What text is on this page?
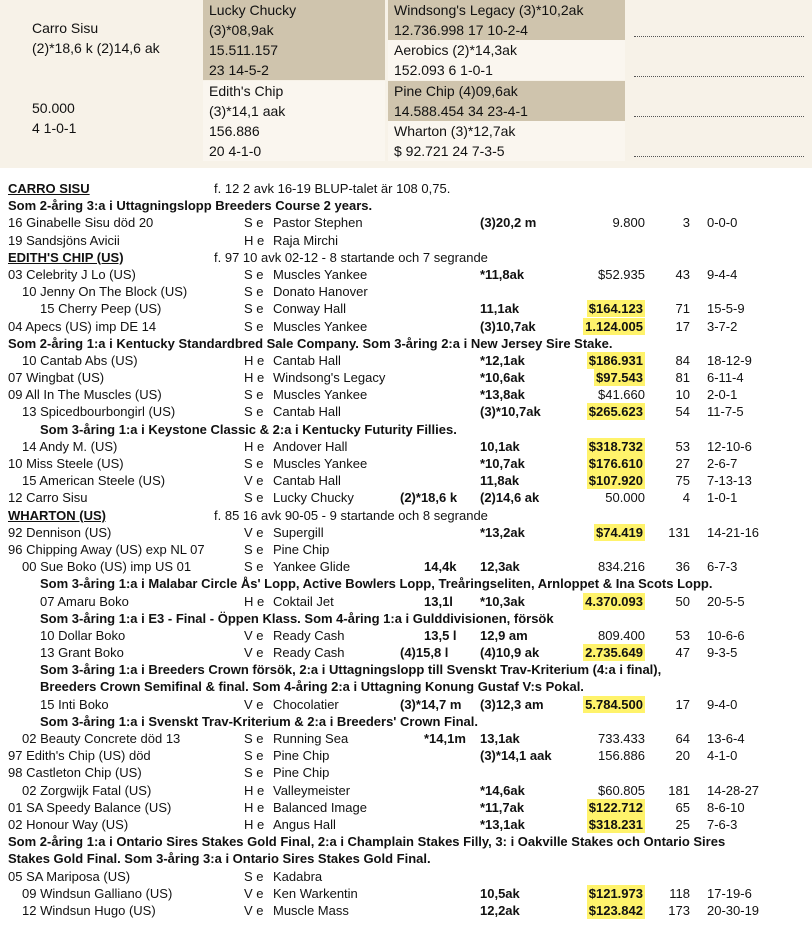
Carro Sisu
(2)*18,6 k (2)14,6 ak
50.000
4 1-0-1
Lucky Chucky
(3)*08,9ak
15.511.157
23 14-5-2
Edith's Chip
(3)*14,1 aak
156.886
20 4-1-0
Windsong's Legacy (3)*10,2ak
12.736.998 17 10-2-4
Aerobics (2)*14,3ak
152.093 6 1-0-1
Pine Chip (4)09,6ak
14.588.454 34 23-4-1
Wharton (3)*12,7ak
$ 92.721 24 7-3-5
CARRO SISU	f. 12 2 avk 16-19 BLUP-talet är 108 0,75.
Som 2-åring 3:a i Uttagningslopp Breeders Course 2 years.
16 Ginabelle Sisu död 20	S e Pastor Stephen	(3)20,2 m	9.800	3 0-0-0
19 Sandsjöns Avicii	H e Raja Mirchi
EDITH'S CHIP (US)	f. 97 10 avk 02-12 - 8 startande och 7 segrande
03 Celebrity J Lo (US)	S e Muscles Yankee	*11,8ak	$52.935 43 9-4-4
10 Jenny On The Block (US)	S e Donato Hanover
15 Cherry Peep (US)	S e Conway Hall	11,1ak	$164.123	71 15-5-9
04 Apecs (US) imp DE 14	S e Muscles Yankee	(3)10,7ak	1.124.005	17 3-7-2
Som 2-åring 1:a i Kentucky Standardbred Sale Company. Som 3-åring 2:a i New Jersey Sire Stake.
10 Cantab Abs (US)	H e Cantab Hall	*12,1ak	$186.931	84 18-12-9
07 Wingbat (US)	H e Windsong's Legacy	*10,6ak	$97.543	81 6-11-4
09 All In The Muscles (US)	S e Muscles Yankee	*13,8ak	$41.660 10 2-0-1
13 Spicedbourbongirl (US)	S e Cantab Hall	(3)*10,7ak	$265.623	54 11-7-5
Som 3-åring 1:a i Keystone Classic & 2:a i Kentucky Futurity Fillies.
14 Andy M. (US)	H e Andover Hall	10,1ak	$318.732	53 12-10-6
10 Miss Steele (US)	S e Muscles Yankee	*10,7ak	$176.610	27 2-6-7
15 American Steele (US)	V e Cantab Hall	11,8ak	$107.920	75 7-13-13
12 Carro Sisu	S e Lucky Chucky	(2)*18,6 k (2)14,6 ak	50.000	4 1-0-1
WHARTON (US)	f. 85 16 avk 90-05 - 9 startande och 8 segrande
92 Dennison (US)	V e Supergill	*13,2ak	$74.419 131 14-21-16
96 Chipping Away (US) exp NL 07	S e Pine Chip
00 Sue Boko (US) imp US 01	S e Yankee Glide	14,4k 12,3ak	834.216 36 6-7-3
Som 3-åring 1:a i Malabar Circle Ås' Lopp, Active Bowlers Lopp, Treåringseliten, Arnloppet & Ina Scots Lopp.
07 Amaru Boko	H e Coktail Jet	13,1l *10,3ak	4.370.093	50 20-5-5
Som 3-åring 1:a i E3 - Final - Öppen Klass. Som 4-åring 1:a i Gulddivisionen, försök
10 Dollar Boko	V e Ready Cash	13,5 l 12,9 am	809.400 53 10-6-6
13 Grant Boko	V e Ready Cash	(4)15,8 l (4)10,9 ak	2.735.649	47 9-3-5
Som 3-åring 1:a i Breeders Crown försök, 2:a i Uttagningslopp till Svenskt Trav-Kriterium (4:a i final),
Breeders Crown Semifinal & final. Som 4-åring 2:a i Uttagning Konung Gustaf V:s Pokal.
15 Inti Boko	V e Chocolatier	(3)*14,7 m (3)12,3 am	5.784.500	17 9-4-0
Som 3-åring 1:a i Svenskt Trav-Kriterium & 2:a i Breeders' Crown Final.
02 Beauty Concrete död 13	S e Running Sea	*14,1m 13,1ak	733.433 64 13-6-4
97 Edith's Chip (US) död	S e Pine Chip	(3)*14,1 aak	156.886 20 4-1-0
98 Castleton Chip (US)	S e Pine Chip
02 Zorgwijk Fatal (US)	H e Valleymeister	*14,6ak	$60.805 181 14-28-27
01 SA Speedy Balance (US)	H e Balanced Image	*11,7ak	$122.712	65 8-6-10
02 Honour Way (US)	H e Angus Hall	*13,1ak	$318.231	25 7-6-3
Som 2-åring 1:a i Ontario Sires Stakes Gold Final, 2:a i Champlain Stakes Filly, 3: i Oakville Stakes och Ontario Sires
Stakes Gold Final. Som 3-åring 3:a i Ontario Sires Stakes Gold Final.
05 SA Mariposa (US)	S e Kadabra
09 Windsun Galliano (US)	V e Ken Warkentin	10,5ak	$121.973 118 17-19-6
12 Windsun Hugo (US)	V e Muscle Mass	12,2ak	$123.842 173 20-30-19
